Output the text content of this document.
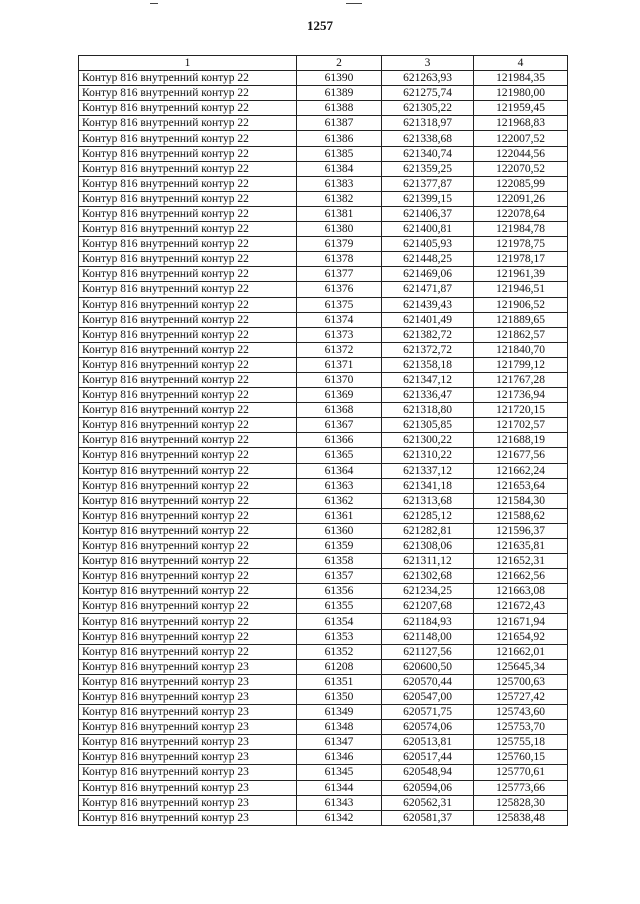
1257
1	2	3	4
Контур 816 внутренний контур 22	61390	621263,93	121984,35
Контур 816 внутренний контур 22	61389	621275,74	121980,00
Контур 816 внутренний контур 22	61388	621305,22	121959,45
Контур 816 внутренний контур 22	61387	621318,97	121968,83
Контур 816 внутренний контур 22	61386	621338,68	122007,52
Контур 816 внутренний контур 22	61385	621340,74	122044,56
Контур 816 внутренний контур 22	61384	621359,25	122070,52
Контур 816 внутренний контур 22	61383	621377,87	122085,99
Контур 816 внутренний контур 22	61382	621399,15	122091,26
Контур 816 внутренний контур 22	61381	621406,37	122078,64
Контур 816 внутренний контур 22	61380	621400,81	121984,78
Контур 816 внутренний контур 22	61379	621405,93	121978,75
Контур 816 внутренний контур 22	61378	621448,25	121978,17
Контур 816 внутренний контур 22	61377	621469,06	121961,39
Контур 816 внутренний контур 22	61376	621471,87	121946,51
Контур 816 внутренний контур 22	61375	621439,43	121906,52
Контур 816 внутренний контур 22	61374	621401,49	121889,65
Контур 816 внутренний контур 22	61373	621382,72	121862,57
Контур 816 внутренний контур 22	61372	621372,72	121840,70
Контур 816 внутренний контур 22	61371	621358,18	121799,12
Контур 816 внутренний контур 22	61370	621347,12	121767,28
Контур 816 внутренний контур 22	61369	621336,47	121736,94
Контур 816 внутренний контур 22	61368	621318,80	121720,15
Контур 816 внутренний контур 22	61367	621305,85	121702,57
Контур 816 внутренний контур 22	61366	621300,22	121688,19
Контур 816 внутренний контур 22	61365	621310,22	121677,56
Контур 816 внутренний контур 22	61364	621337,12	121662,24
Контур 816 внутренний контур 22	61363	621341,18	121653,64
Контур 816 внутренний контур 22	61362	621313,68	121584,30
Контур 816 внутренний контур 22	61361	621285,12	121588,62
Контур 816 внутренний контур 22	61360	621282,81	121596,37
Контур 816 внутренний контур 22	61359	621308,06	121635,81
Контур 816 внутренний контур 22	61358	621311,12	121652,31
Контур 816 внутренний контур 22	61357	621302,68	121662,56
Контур 816 внутренний контур 22	61356	621234,25	121663,08
Контур 816 внутренний контур 22	61355	621207,68	121672,43
Контур 816 внутренний контур 22	61354	621184,93	121671,94
Контур 816 внутренний контур 22	61353	621148,00	121654,92
Контур 816 внутренний контур 22	61352	621127,56	121662,01
Контур 816 внутренний контур 23	61208	620600,50	125645,34
Контур 816 внутренний контур 23	61351	620570,44	125700,63
Контур 816 внутренний контур 23	61350	620547,00	125727,42
Контур 816 внутренний контур 23	61349	620571,75	125743,60
Контур 816 внутренний контур 23	61348	620574,06	125753,70
Контур 816 внутренний контур 23	61347	620513,81	125755,18
Контур 816 внутренний контур 23	61346	620517,44	125760,15
Контур 816 внутренний контур 23	61345	620548,94	125770,61
Контур 816 внутренний контур 23	61344	620594,06	125773,66
Контур 816 внутренний контур 23	61343	620562,31	125828,30
Контур 816 внутренний контур 23	61342	620581,37	125838,48
